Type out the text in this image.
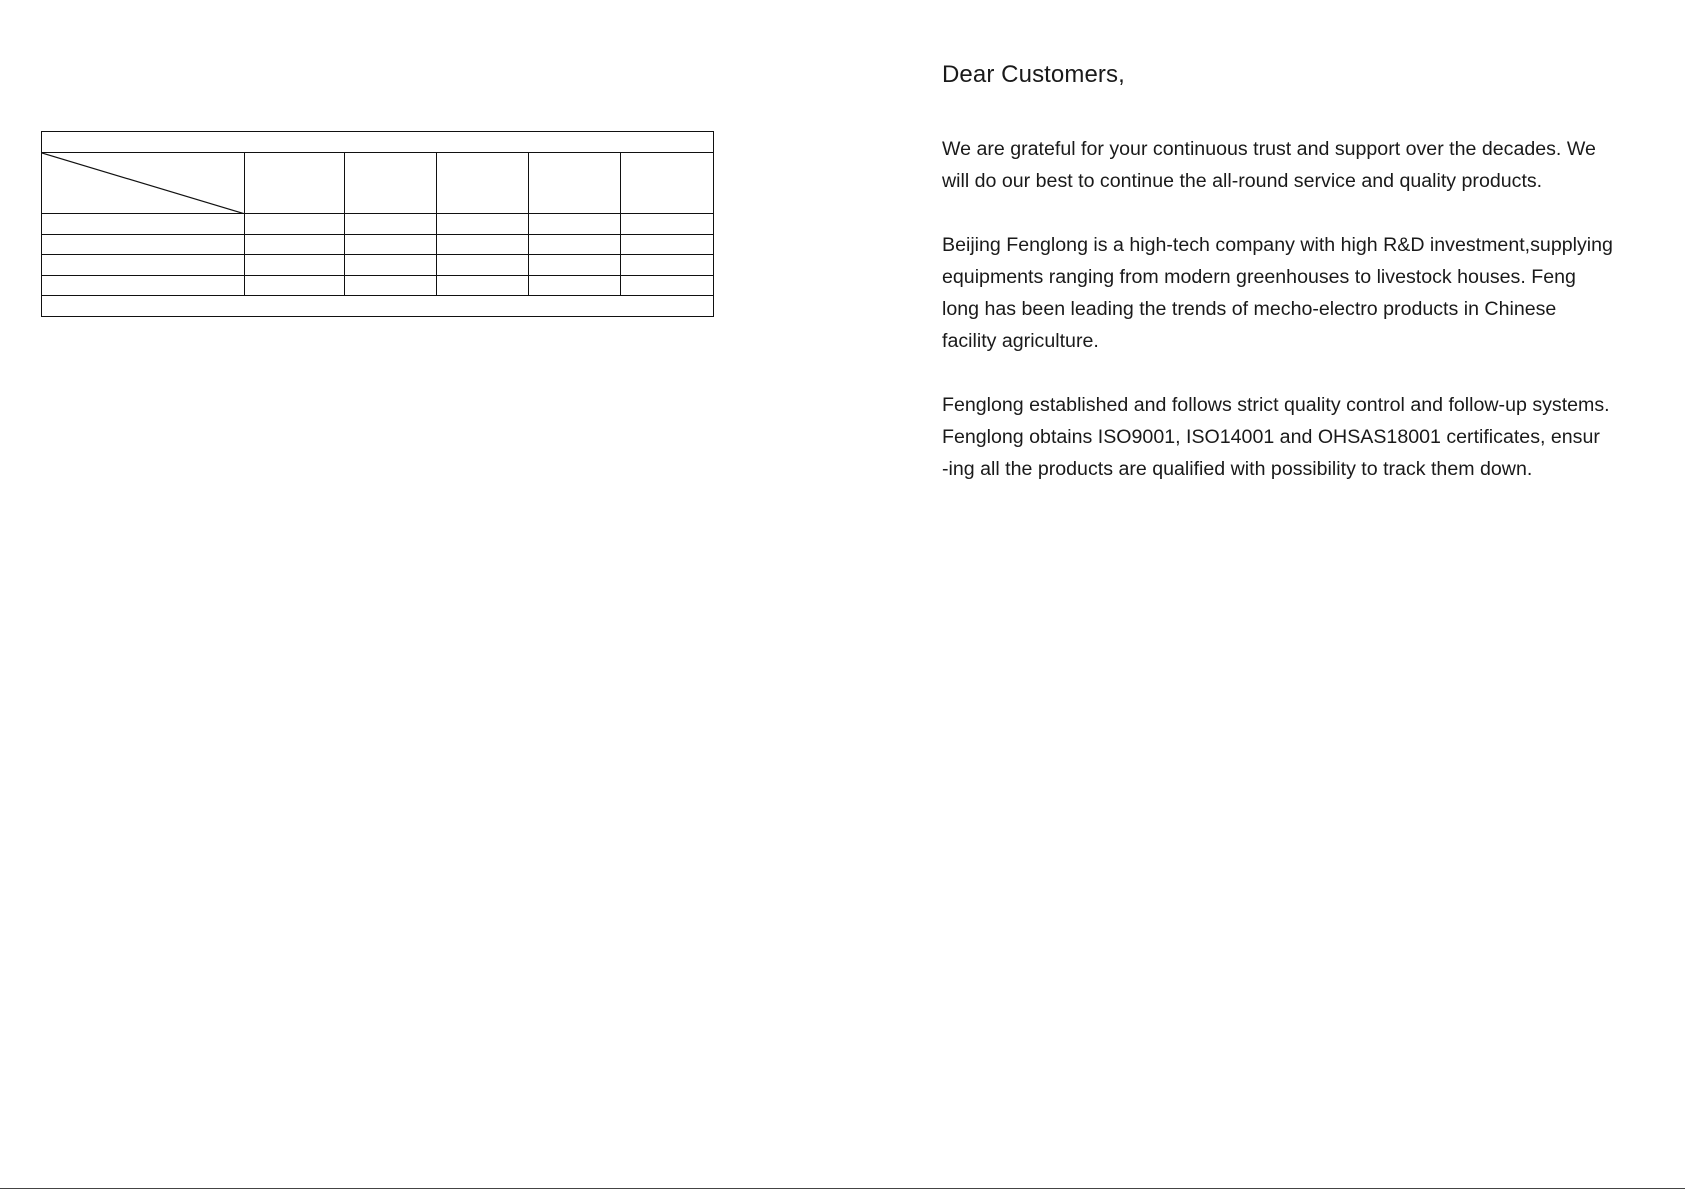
Dear Customers,

We are grateful for your continuous trust and support over the decades. We
will do our best to continue the all-round service and quality products.

Beijing Fenglong is a high-tech company with high R&D investment,supplying
equipments ranging from modern greenhouses to livestock houses. Feng
long has been leading the trends of mecho-electro products in Chinese
facility agriculture.

Fenglong established and follows strict quality control and follow-up systems.
Fenglong obtains ISO9001, ISO14001 and OHSAS18001 certificates, ensur
-ing all the products are qualified with possibility to track them down.
